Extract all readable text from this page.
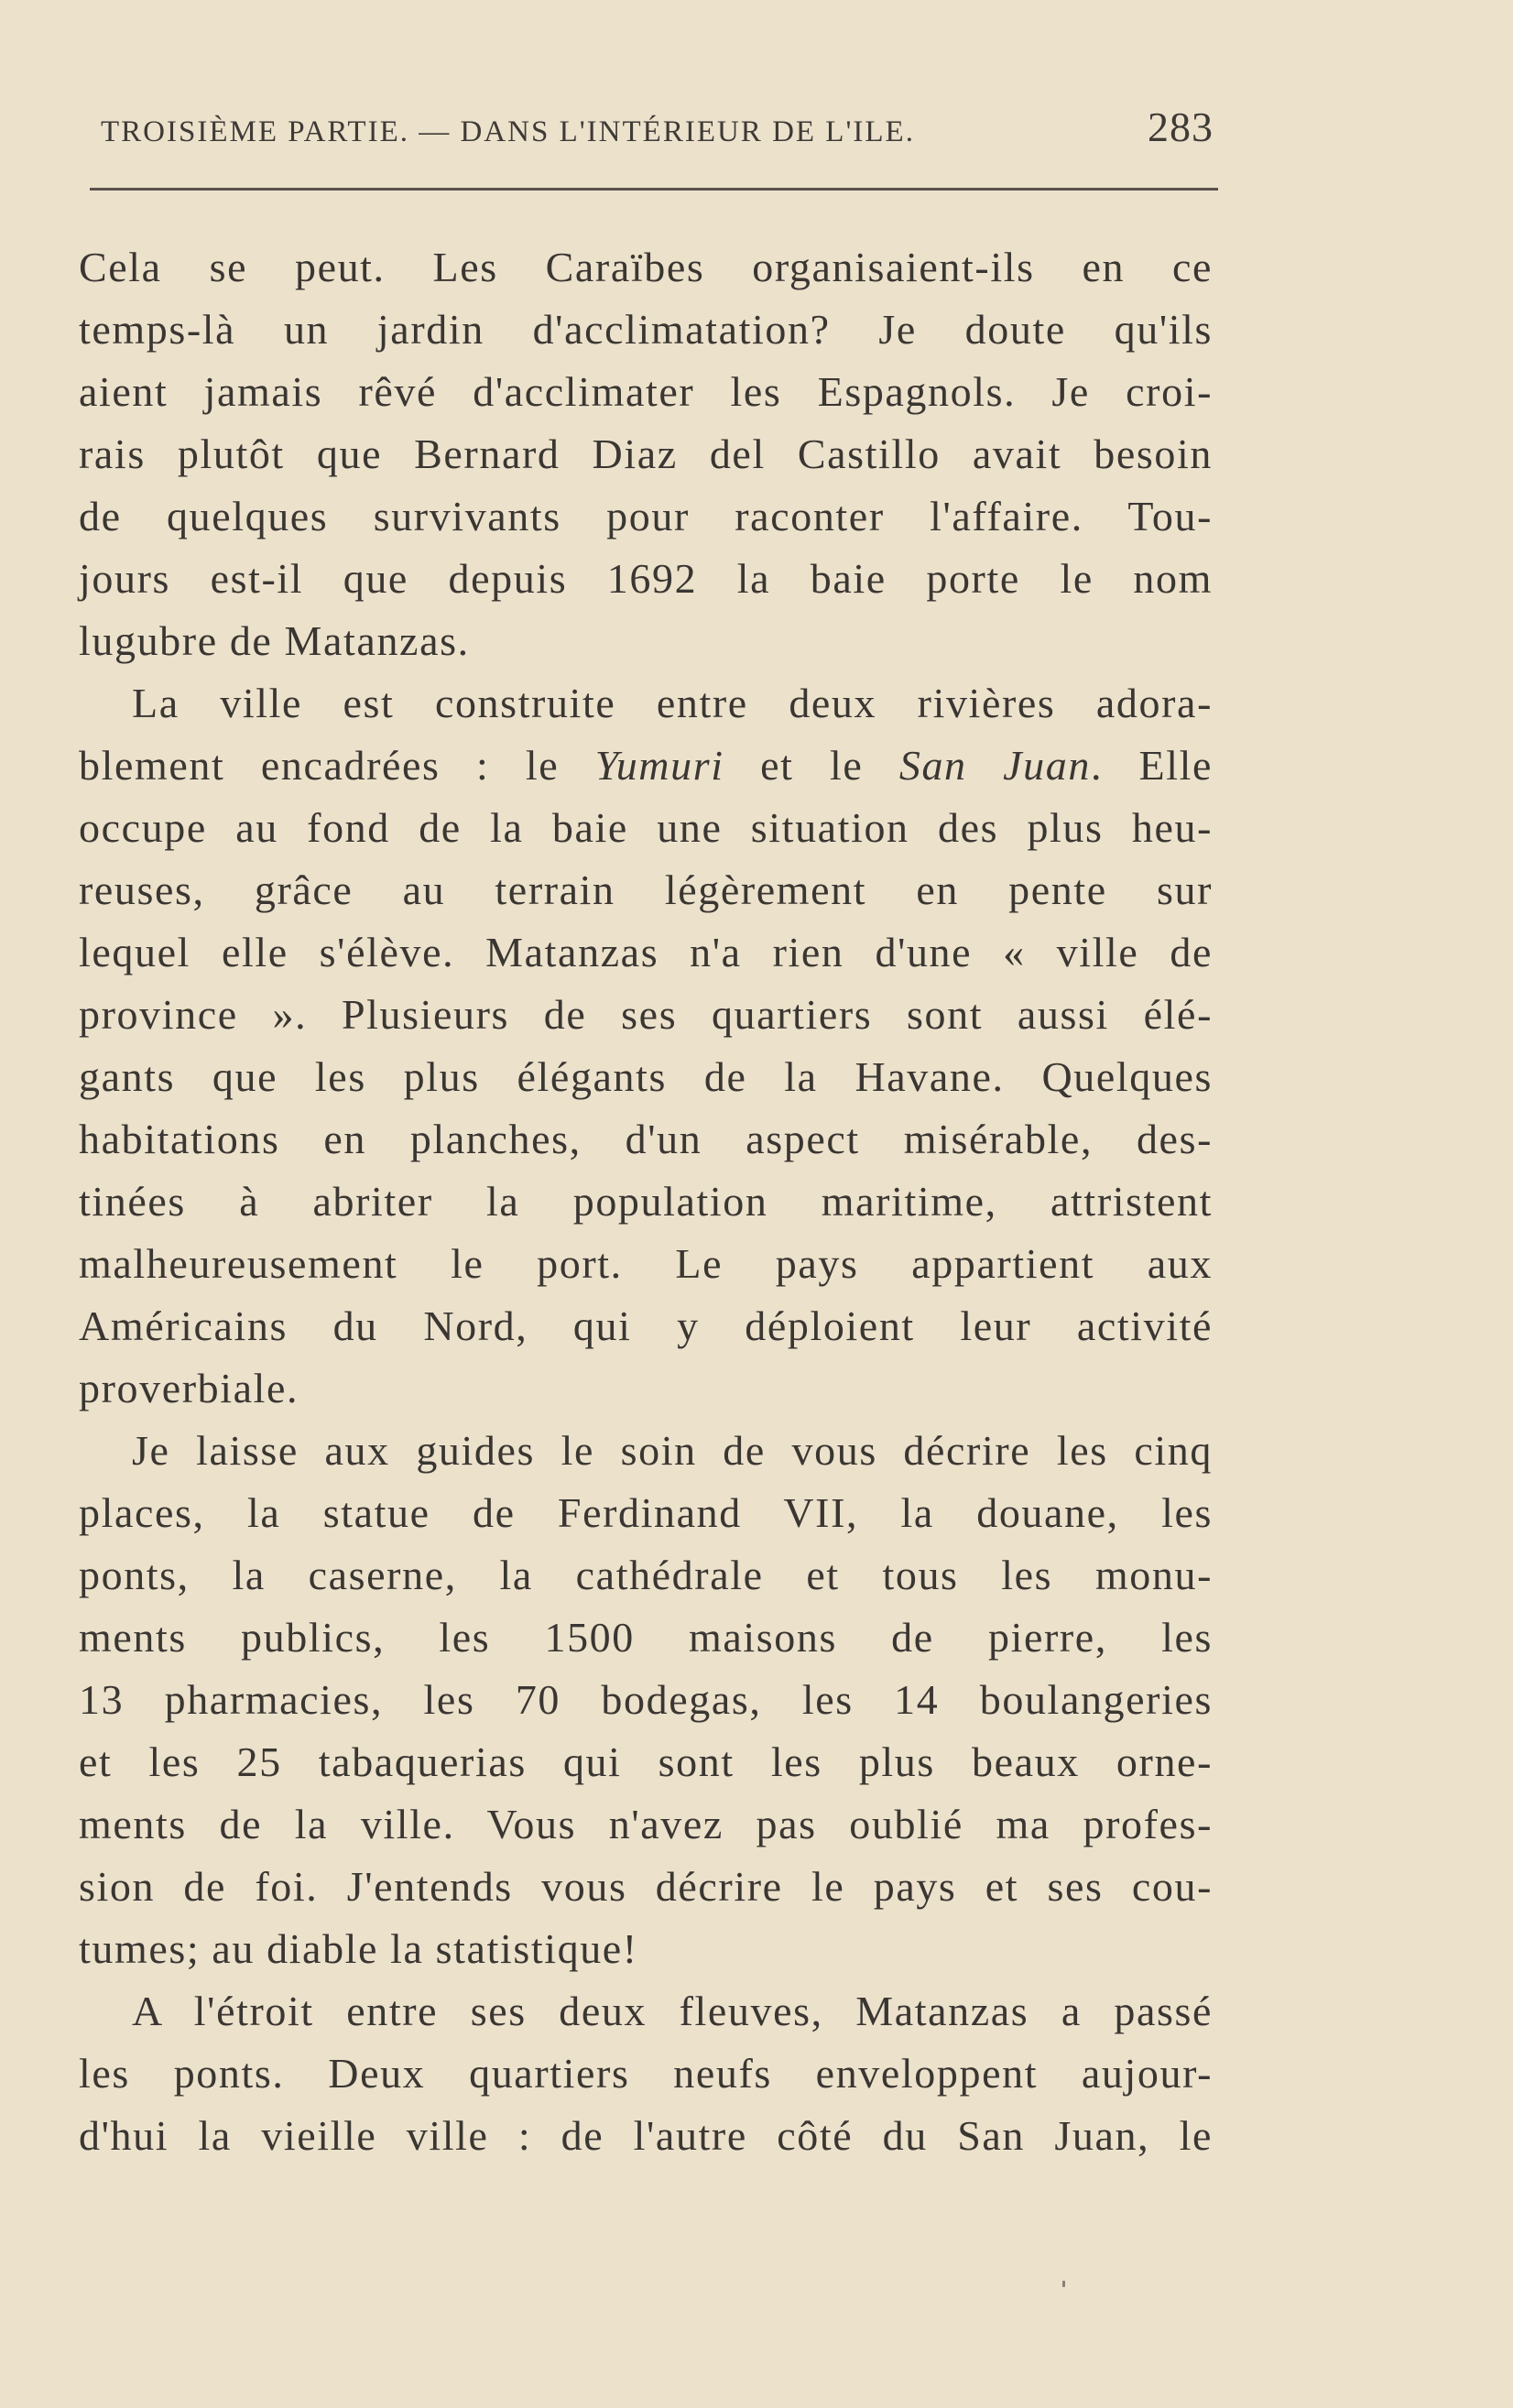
TROISIÈME PARTIE. — DANS L'INTÉRIEUR DE L'ILE.	283
Cela se peut. Les Caraïbes organisaient-ils en ce
temps-là un jardin d'acclimatation? Je doute qu'ils
aient jamais rêvé d'acclimater les Espagnols. Je croi-
rais plutôt que Bernard Diaz del Castillo avait besoin
de quelques survivants pour raconter l'affaire. Tou-
jours est-il que depuis 1692 la baie porte le nom
lugubre de Matanzas.
La ville est construite entre deux rivières adora-
blement encadrées : le Yumuri et le San Juan. Elle
occupe au fond de la baie une situation des plus heu-
reuses, grâce au terrain légèrement en pente sur
lequel elle s'élève. Matanzas n'a rien d'une « ville de
province ». Plusieurs de ses quartiers sont aussi élé-
gants que les plus élégants de la Havane. Quelques
habitations en planches, d'un aspect misérable, des-
tinées à abriter la population maritime, attristent
malheureusement le port. Le pays appartient aux
Américains du Nord, qui y déploient leur activité
proverbiale.
Je laisse aux guides le soin de vous décrire les cinq
places, la statue de Ferdinand VII, la douane, les
ponts, la caserne, la cathédrale et tous les monu-
ments publics, les 1500 maisons de pierre, les
13 pharmacies, les 70 bodegas, les 14 boulangeries
et les 25 tabaquerias qui sont les plus beaux orne-
ments de la ville. Vous n'avez pas oublié ma profes-
sion de foi. J'entends vous décrire le pays et ses cou-
tumes; au diable la statistique!
A l'étroit entre ses deux fleuves, Matanzas a passé
les ponts. Deux quartiers neufs enveloppent aujour-
d'hui la vieille ville : de l'autre côté du San Juan, le
